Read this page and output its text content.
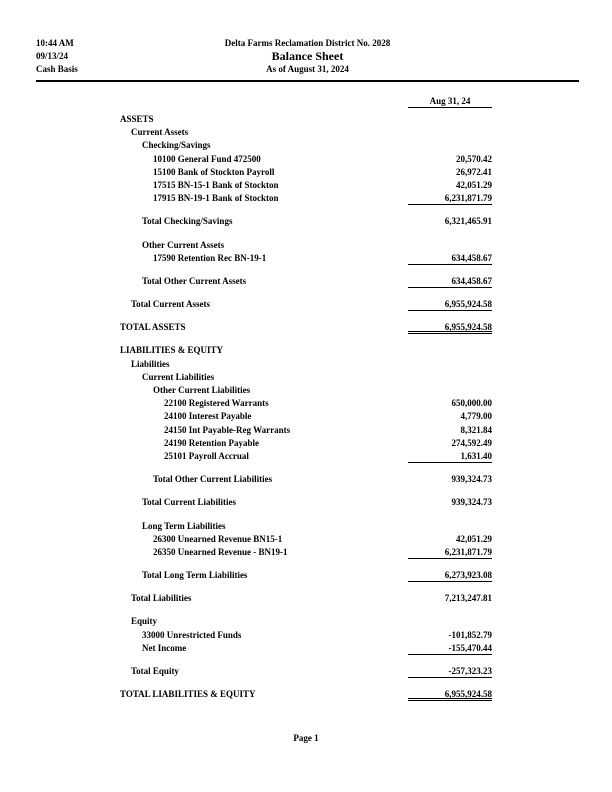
10:44 AM
09/13/24
Cash Basis
Delta Farms Reclamation District No. 2028
Balance Sheet
As of August 31, 2024
Aug 31, 24
ASSETS
Current Assets
Checking/Savings
10100 General Fund 472500	20,570.42
15100 Bank of Stockton Payroll	26,972.41
17515 BN-15-1 Bank of Stockton	42,051.29
17915 BN-19-1 Bank of Stockton	6,231,871.79
Total Checking/Savings	6,321,465.91
Other Current Assets
17590 Retention Rec BN-19-1	634,458.67
Total Other Current Assets	634,458.67
Total Current Assets	6,955,924.58
TOTAL ASSETS	6,955,924.58
LIABILITIES & EQUITY
Liabilities
Current Liabilities
Other Current Liabilities
22100 Registered Warrants	650,000.00
24100 Interest Payable	4,779.00
24150 Int Payable-Reg Warrants	8,321.84
24190 Retention Payable	274,592.49
25101 Payroll Accrual	1,631.40
Total Other Current Liabilities	939,324.73
Total Current Liabilities	939,324.73
Long Term Liabilities
26300 Unearned Revenue BN15-1	42,051.29
26350 Unearned Revenue - BN19-1	6,231,871.79
Total Long Term Liabilities	6,273,923.08
Total Liabilities	7,213,247.81
Equity
33000 Unrestricted Funds	-101,852.79
Net Income	-155,470.44
Total Equity	-257,323.23
TOTAL LIABILITIES & EQUITY	6,955,924.58
Page 1
